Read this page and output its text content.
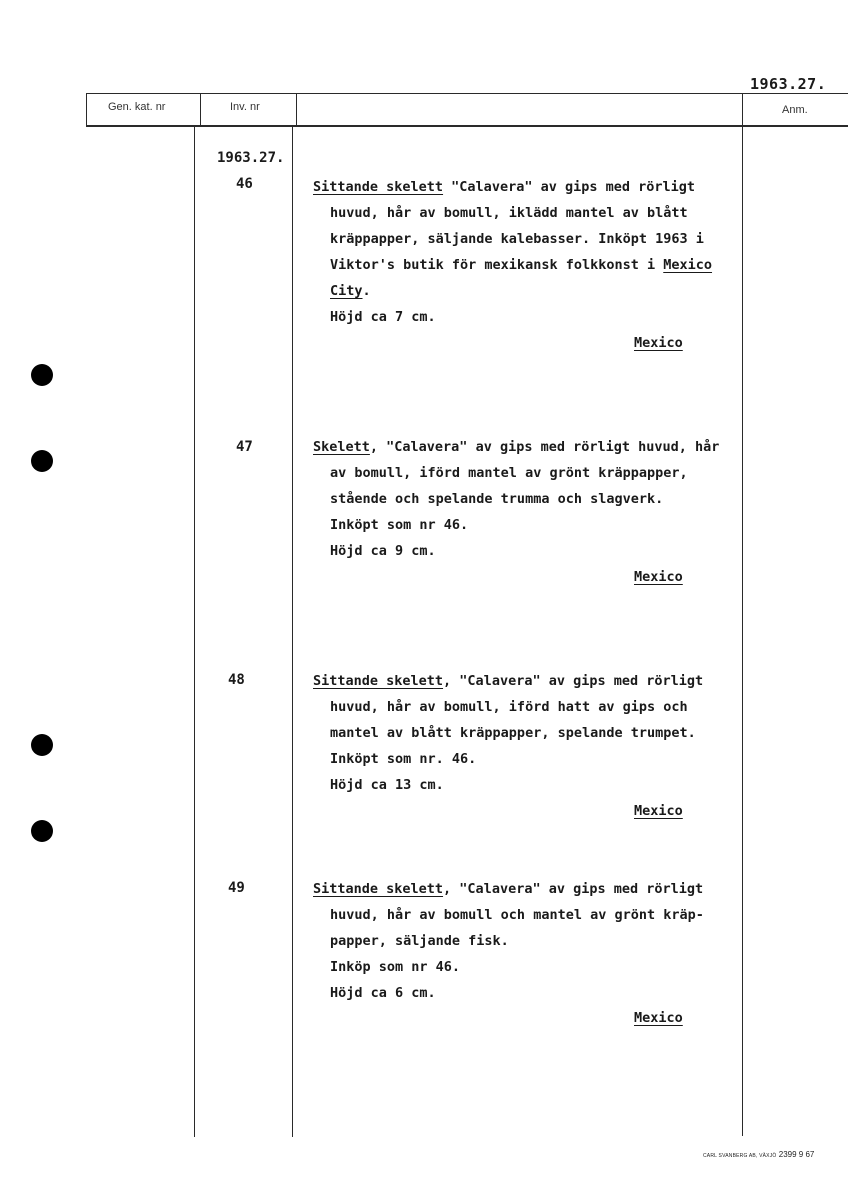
1963.27.
Gen. kat. nr	Inv. nr	Anm.
1963.27.
46	Sittande skelett "Calavera" av gips med rörligt
huvud, hår av bomull, iklädd mantel av blått
kräppapper, säljande kalebasser. Inköpt 1963 i
Viktor's butik för mexikansk folkkonst i Mexico
City.
Höjd ca 7 cm.
Mexico
47	Skelett, "Calavera" av gips med rörligt huvud, hår
av bomull, iförd mantel av grönt kräppapper,
stående och spelande trumma och slagverk.
Inköpt som nr 46.
Höjd ca 9 cm.
Mexico
48	Sittande skelett, "Calavera" av gips med rörligt
huvud, hår av bomull, iförd hatt av gips och
mantel av blått kräppapper, spelande trumpet.
Inköpt som nr. 46.
Höjd ca 13 cm.
Mexico
49	Sittande skelett, "Calavera" av gips med rörligt
huvud, hår av bomull och mantel av grönt kräp-
papper, säljande fisk.
Inköp som nr 46.
Höjd ca 6 cm.
Mexico
CARL SVANBERG AB, VÄXJÖ 2399 9 67
